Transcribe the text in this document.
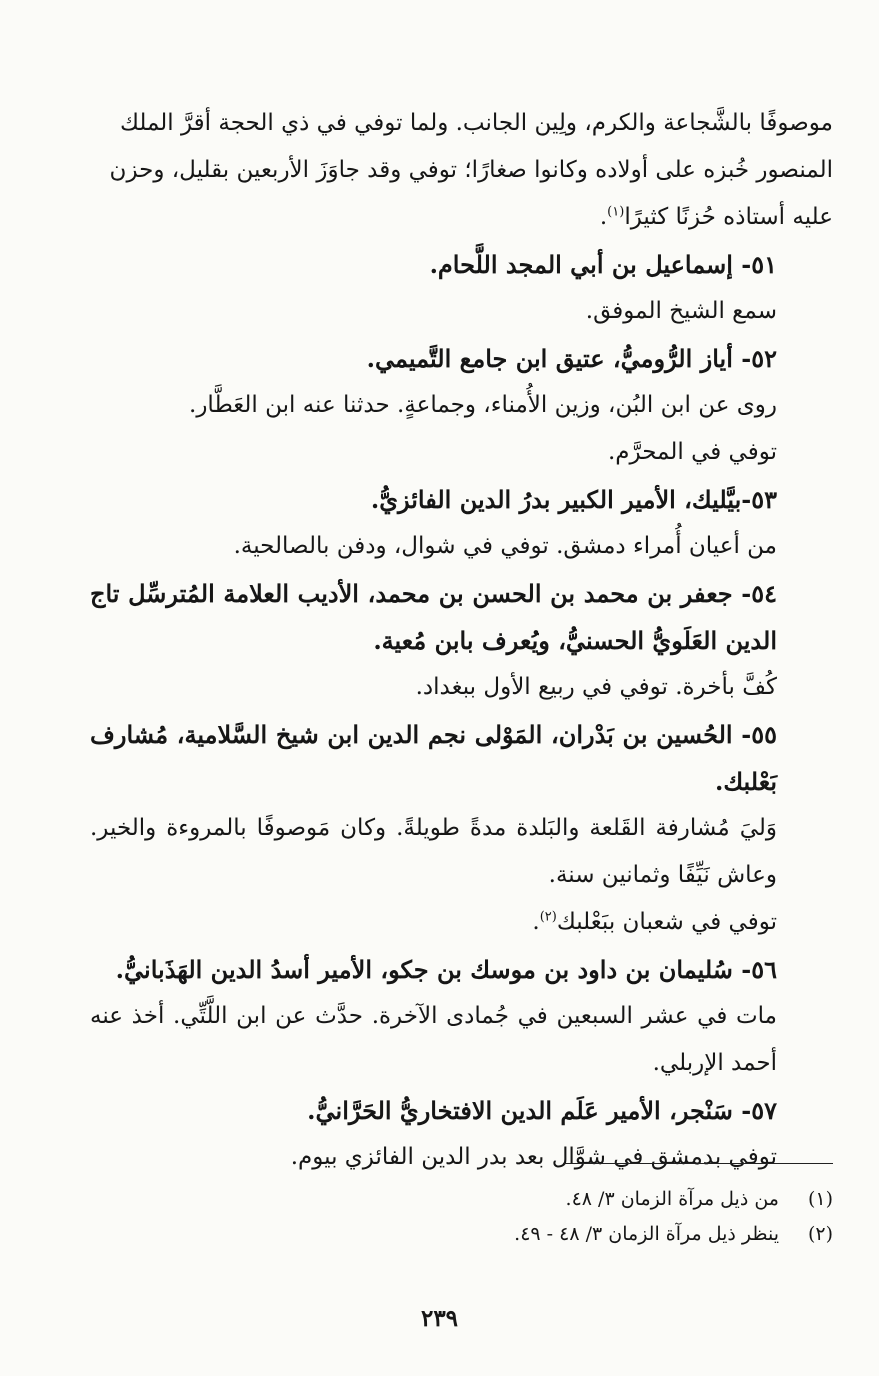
موصوفًا بالشَّجاعة والكرم، ولِين الجانب. ولما توفي في ذي الحجة أقرَّ الملك المنصور خُبزه على أولاده وكانوا صغارًا؛ توفي وقد جاوَزَ الأربعين بقليل، وحزن عليه أستاذه حُزنًا كثيرًا$^{(١)}$.

٥١- إسماعيل بن أبي المجد اللَّحام.

سمع الشيخ الموفق.

٥٢- أياز الرُّوميُّ، عتيق ابن جامع التَّميمي.

روى عن ابن البُن، وزين الأُمناء، وجماعةٍ. حدثنا عنه ابن العَطَّار.

توفي في المحرَّم.

٥٣-بيَّليك، الأمير الكبير بدرُ الدين الفائزيُّ.

من أعيان أُمراء دمشق. توفي في شوال، ودفن بالصالحية.

٥٤- جعفر بن محمد بن الحسن بن محمد، الأديب العلامة المُترسِّل تاج الدين العَلَويُّ الحسنيُّ، ويُعرف بابن مُعية.

كُفَّ بأخرة. توفي في ربيع الأول ببغداد.

٥٥- الحُسين بن بَدْران، المَوْلى نجم الدين ابن شيخ السَّلامية، مُشارف بَعْلبك.

وَليَ مُشارفة القَلعة والبَلدة مدةً طويلةً. وكان مَوصوفًا بالمروءة والخير. وعاش نَيِّفًا وثمانين سنة.

توفي في شعبان ببَعْلبك$^{(٢)}$.

٥٦- سُليمان بن داود بن موسك بن جكو، الأمير أسدُ الدين الهَذَبانيُّ.

مات في عشر السبعين في جُمادى الآخرة. حدَّث عن ابن اللَّتِّي. أخذ عنه أحمد الإربلي.

٥٧- سَنْجر، الأمير عَلَم الدين الافتخاريُّ الحَرَّانيُّ.

توفي بدمشق في شوَّال بعد بدر الدين الفائزي بيوم.

(١)
من ذيل مرآة الزمان ٣/ ٤٨.
(٢)
ينظر ذيل مرآة الزمان ٣/ ٤٨ - ٤٩.
٢٣٩
